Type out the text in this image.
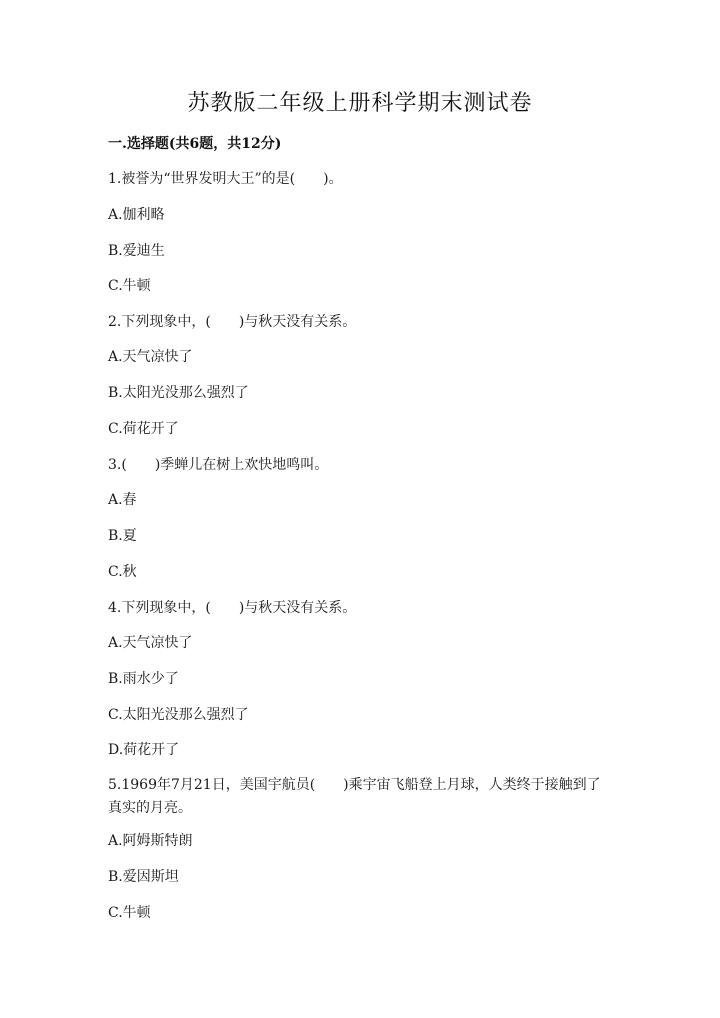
苏教版二年级上册科学期末测试卷
一.选择题(共6题，共12分)
1.被誉为“世界发明大王”的是(　　)。
A.伽利略
B.爱迪生
C.牛顿
2.下列现象中，(　　)与秋天没有关系。
A.天气凉快了
B.太阳光没那么强烈了
C.荷花开了
3.(　　)季蝉儿在树上欢快地鸣叫。
A.春
B.夏
C.秋
4.下列现象中，(　　)与秋天没有关系。
A.天气凉快了
B.雨水少了
C.太阳光没那么强烈了
D.荷花开了
5.1969年7月21日，美国宇航员(　　)乘宇宙飞船登上月球，人类终于接触到了真实的月亮。
A.阿姆斯特朗
B.爱因斯坦
C.牛顿
